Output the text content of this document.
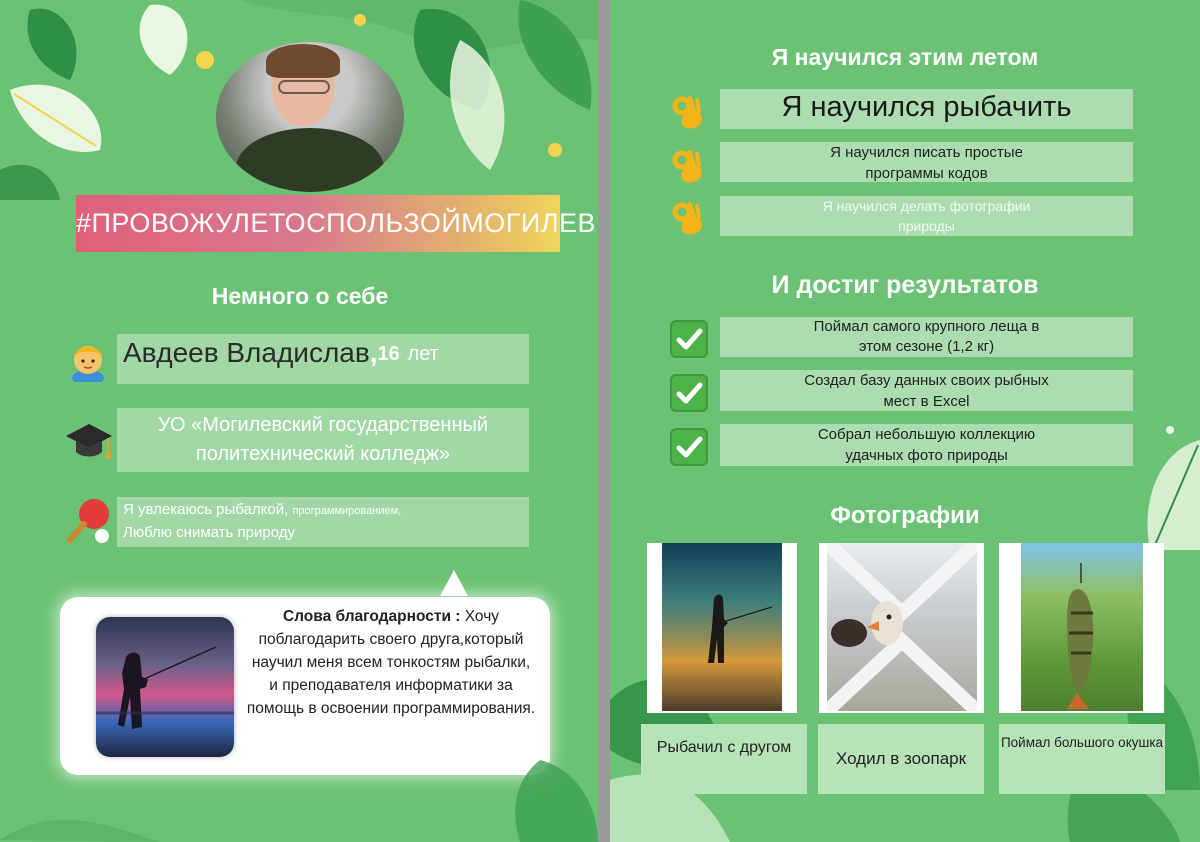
#ПРОВОЖУЛЕТОСПОЛЬЗОЙМОГИЛЕВ
Немного о себе
Авдеев Владислав,16 лет
УО «Могилевский государственный
политехнический колледж»
Я увлекаюсь рыбалкой, программированием,
Люблю снимать природу
Слова благодарности : Хочу поблагодарить своего друга,который научил меня всем тонкостям рыбалки, и преподавателя информатики за помощь в освоении программирования.
Я научился этим летом
Я научился рыбачить
Я научился писать простые программы кодов
Я научился делать фотографии природы
И достиг результатов
Поймал самого крупного леща в
этом сезоне (1,2 кг)
Создал базу данных своих рыбных
мест в Excel
Собрал небольшую коллекцию
удачных фото природы
Фотографии
Рыбачил с другом
Ходил в зоопарк
Поймал большого окушка
